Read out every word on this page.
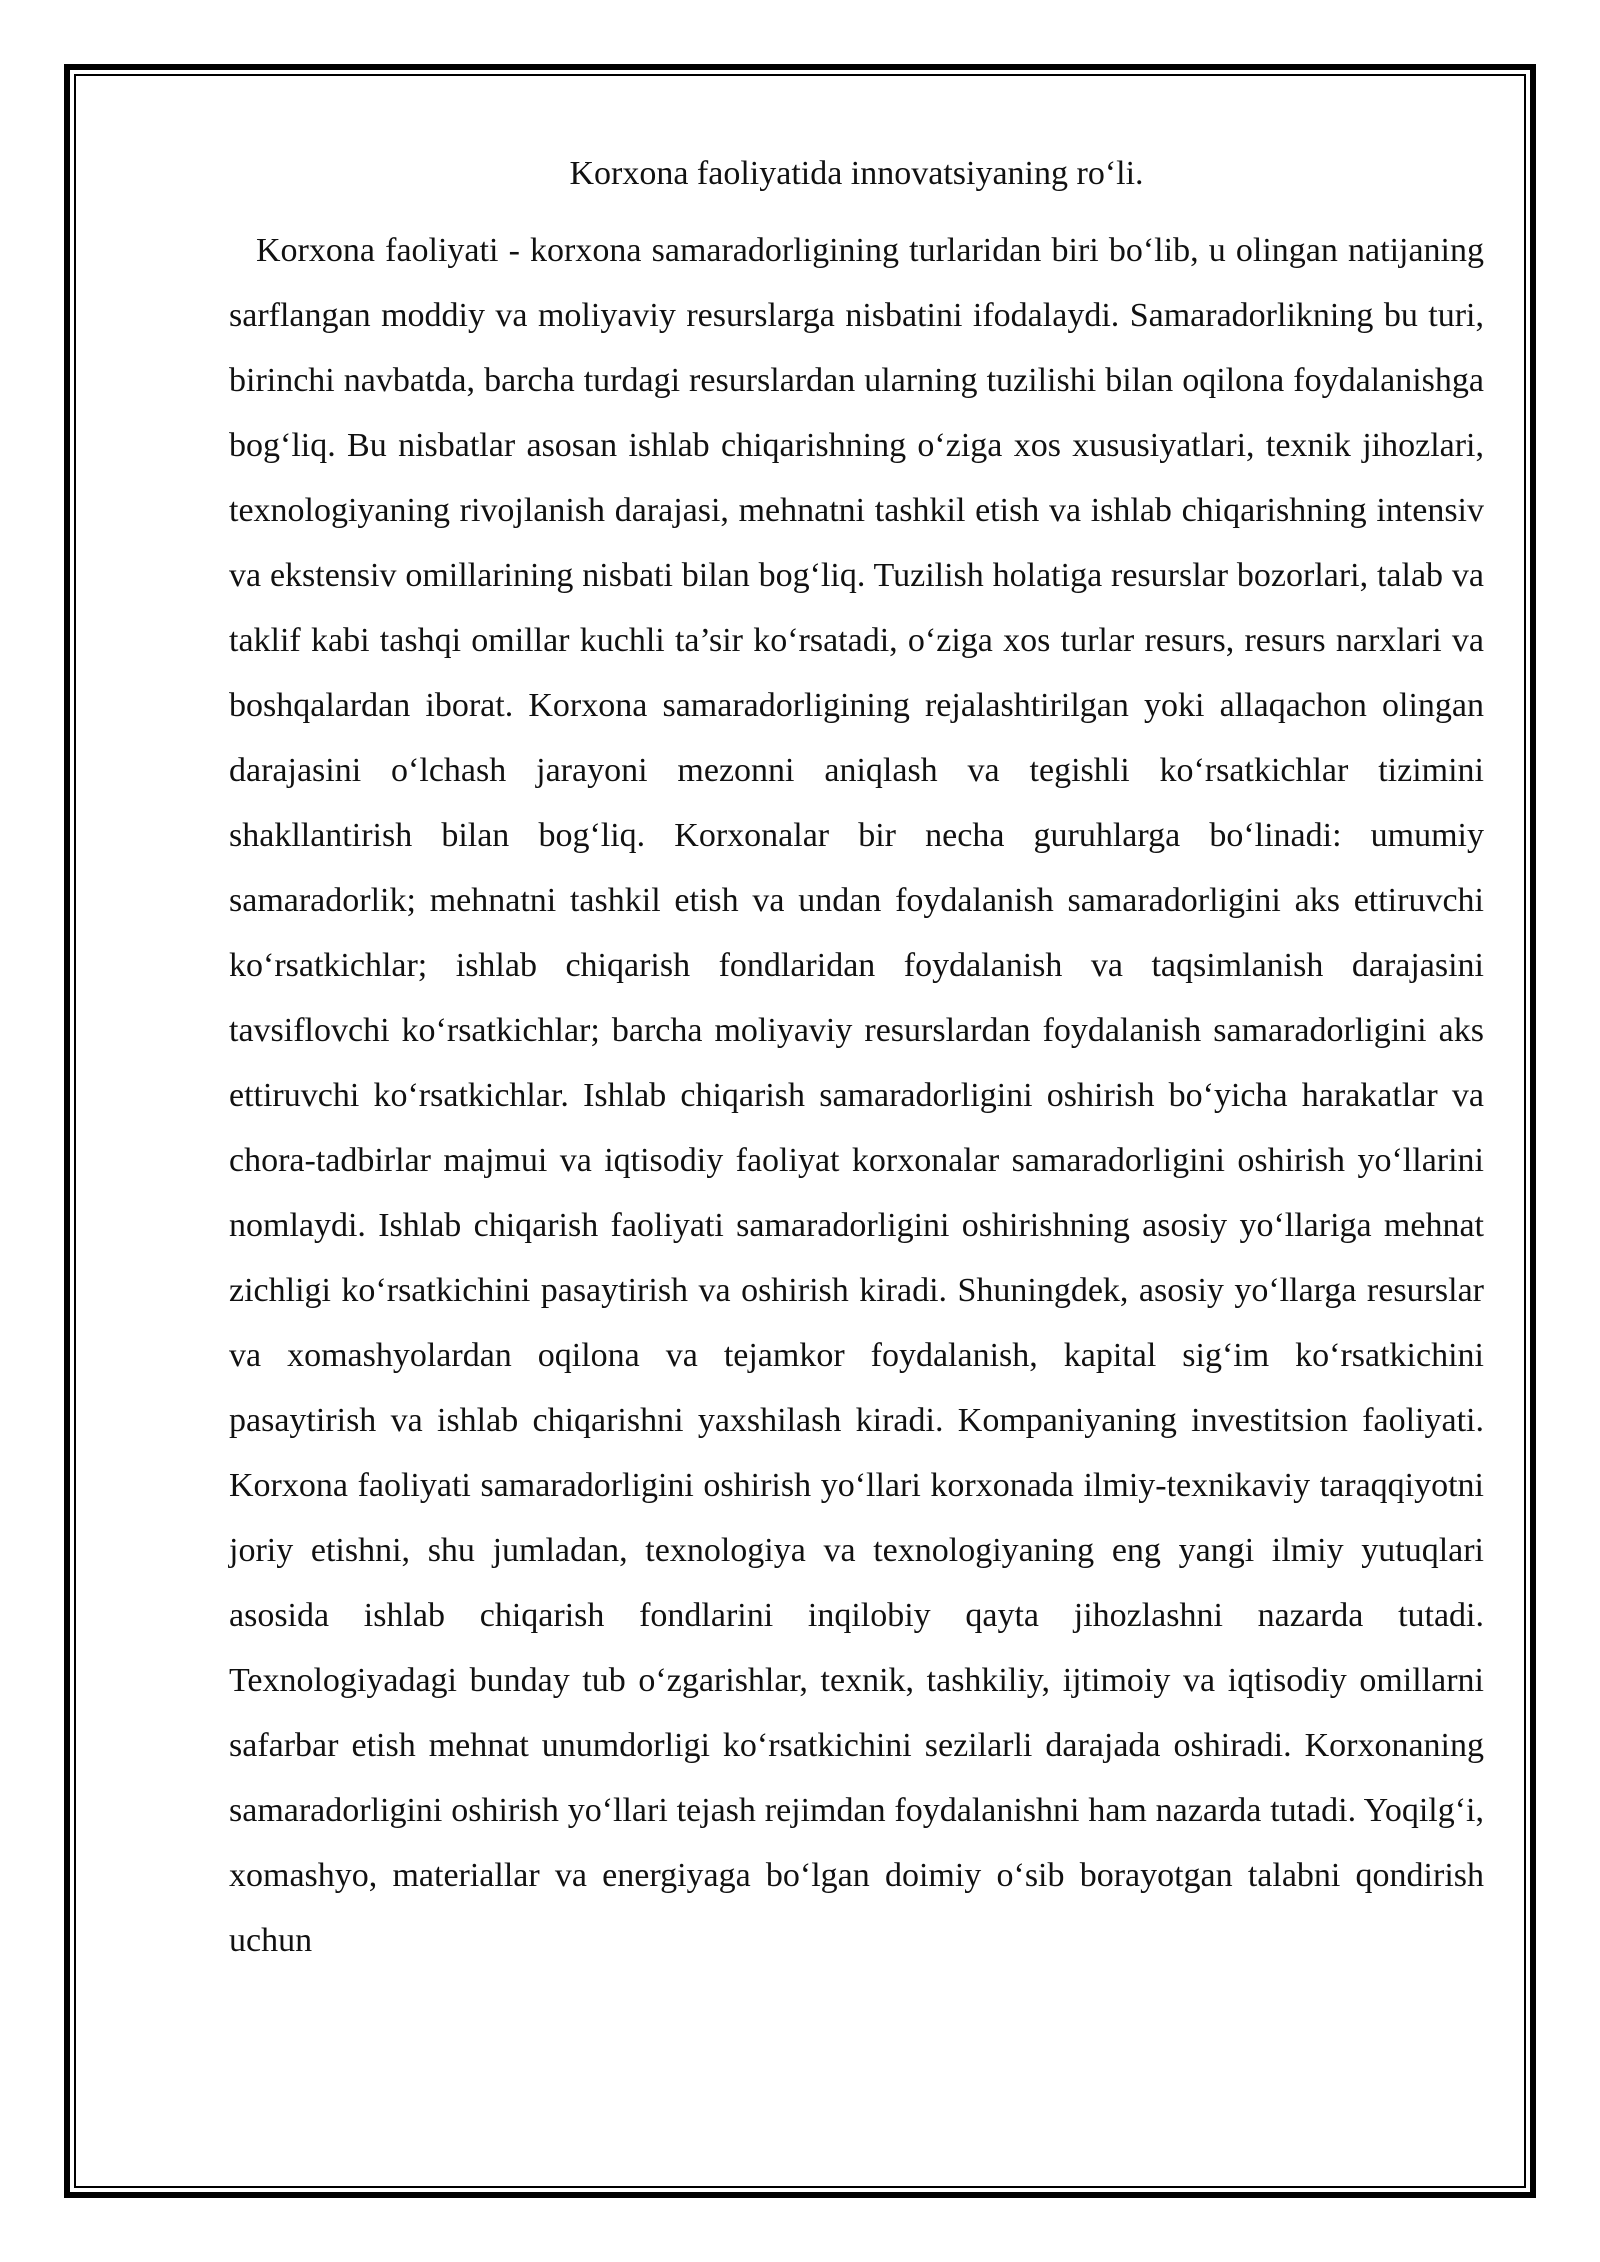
Korxona faoliyatida innovatsiyaning ro‘li.

Korxona faoliyati - korxona samaradorligining turlaridan biri bo‘lib, u olingan natijaning sarflangan moddiy va moliyaviy resurslarga nisbatini ifodalaydi. Samaradorlikning bu turi, birinchi navbatda, barcha turdagi resurslardan ularning tuzilishi bilan oqilona foydalanishga bog‘liq. Bu nisbatlar asosan ishlab chiqarishning o‘ziga xos xususiyatlari, texnik jihozlari, texnologiyaning rivojlanish darajasi, mehnatni tashkil etish va ishlab chiqarishning intensiv va ekstensiv omillarining nisbati bilan bog‘liq. Tuzilish holatiga resurslar bozorlari, talab va taklif kabi tashqi omillar kuchli ta’sir ko‘rsatadi, o‘ziga xos turlar resurs, resurs narxlari va boshqalardan iborat. Korxona samaradorligining rejalashtirilgan yoki allaqachon olingan darajasini o‘lchash jarayoni mezonni aniqlash va tegishli ko‘rsatkichlar tizimini shakllantirish bilan bog‘liq. Korxonalar bir necha guruhlarga bo‘linadi: umumiy samaradorlik; mehnatni tashkil etish va undan foydalanish samaradorligini aks ettiruvchi ko‘rsatkichlar; ishlab chiqarish fondlaridan foydalanish va taqsimlanish darajasini tavsiflovchi ko‘rsatkichlar; barcha moliyaviy resurslardan foydalanish samaradorligini aks ettiruvchi ko‘rsatkichlar. Ishlab chiqarish samaradorligini oshirish bo‘yicha harakatlar va chora-tadbirlar majmui va iqtisodiy faoliyat korxonalar samaradorligini oshirish yo‘llarini nomlaydi. Ishlab chiqarish faoliyati samaradorligini oshirishning asosiy yo‘llariga mehnat zichligi ko‘rsatkichini pasaytirish va oshirish kiradi. Shuningdek, asosiy yo‘llarga resurslar va xomashyolardan oqilona va tejamkor foydalanish, kapital sig‘im ko‘rsatkichini pasaytirish va ishlab chiqarishni yaxshilash kiradi. Kompaniyaning investitsion faoliyati. Korxona faoliyati samaradorligini oshirish yo‘llari korxonada ilmiy-texnikaviy taraqqiyotni joriy etishni, shu jumladan, texnologiya va texnologiyaning eng yangi ilmiy yutuqlari asosida ishlab chiqarish fondlarini inqilobiy qayta jihozlashni nazarda tutadi. Texnologiyadagi bunday tub o‘zgarishlar, texnik, tashkiliy, ijtimoiy va iqtisodiy omillarni safarbar etish mehnat unumdorligi ko‘rsatkichini sezilarli darajada oshiradi. Korxonaning samaradorligini oshirish yo‘llari tejash rejimdan foydalanishni ham nazarda tutadi. Yoqilg‘i, xomashyo, materiallar va energiyaga bo‘lgan doimiy o‘sib borayotgan talabni qondirish uchun
